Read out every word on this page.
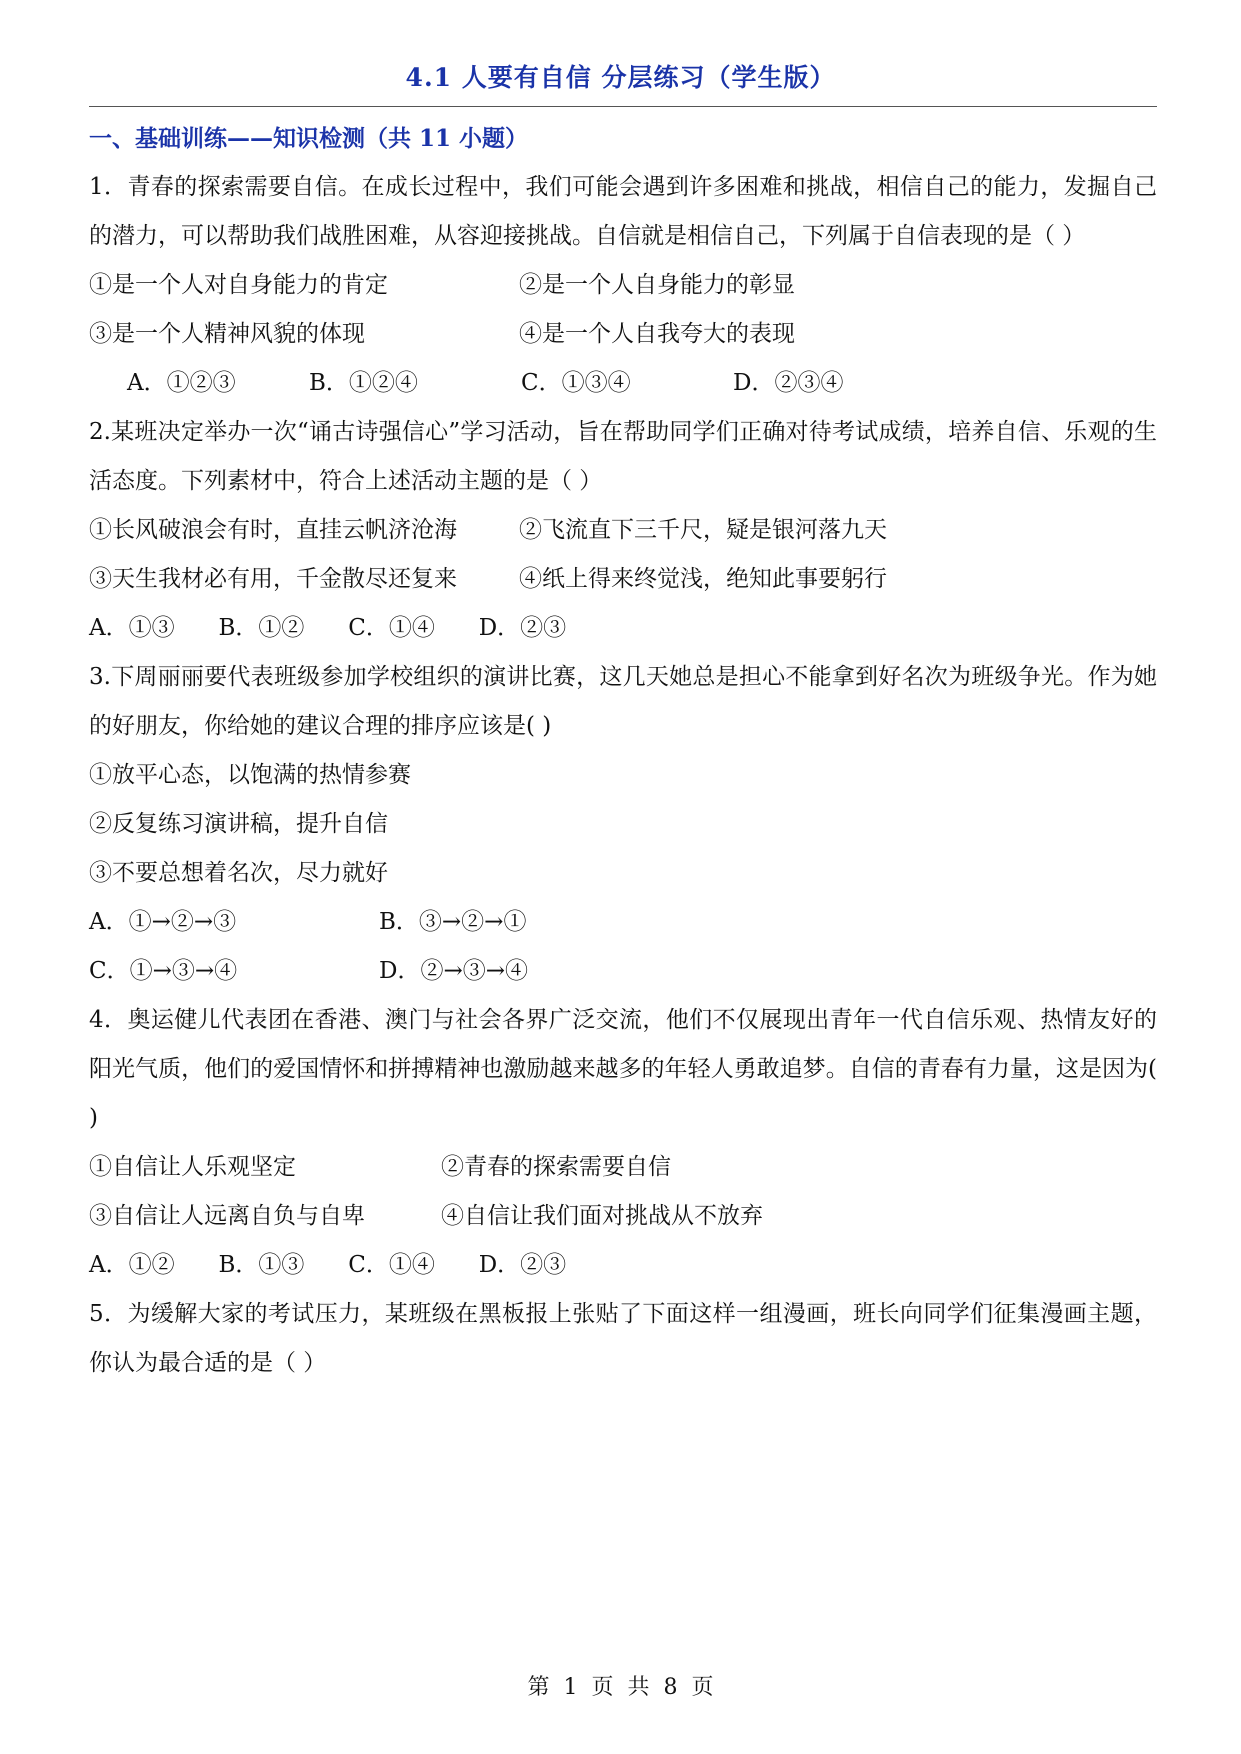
4.1 人要有自信 分层练习（学生版）
一、基础训练——知识检测（共 11 小题）
1．青春的探索需要自信。在成长过程中，我们可能会遇到许多困难和挑战，相信自己的能力，发掘自己的潜力，可以帮助我们战胜困难，从容迎接挑战。自信就是相信自己，下列属于自信表现的是（ ）
①是一个人对自身能力的肯定	②是一个人自身能力的彰显
③是一个人精神风貌的体现	④是一个人自我夸大的表现
A．①②③	B．①②④	C．①③④	D．②③④
2.某班决定举办一次“诵古诗强信心”学习活动，旨在帮助同学们正确对待考试成绩，培养自信、乐观的生活态度。下列素材中，符合上述活动主题的是（ ）
①长风破浪会有时，直挂云帆济沧海	②飞流直下三千尺，疑是银河落九天
③天生我材必有用，千金散尽还复来	④纸上得来终觉浅，绝知此事要躬行
A．①③      B．①②      C．①④      D．②③
3.下周丽丽要代表班级参加学校组织的演讲比赛，这几天她总是担心不能拿到好名次为班级争光。作为她的好朋友，你给她的建议合理的排序应该是( )
①放平心态，以饱满的热情参赛
②反复练习演讲稿，提升自信
③不要总想着名次，尽力就好
A．①→②→③	B．③→②→①
C．①→③→④	D．②→③→④
4．奥运健儿代表团在香港、澳门与社会各界广泛交流，他们不仅展现出青年一代自信乐观、热情友好的阳光气质，他们的爱国情怀和拼搏精神也激励越来越多的年轻人勇敢追梦。自信的青春有力量，这是因为( )
①自信让人乐观坚定	②青春的探索需要自信
③自信让人远离自负与自卑	④自信让我们面对挑战从不放弃
A．①②      B．①③      C．①④      D．②③
5．为缓解大家的考试压力，某班级在黑板报上张贴了下面这样一组漫画，班长向同学们征集漫画主题，你认为最合适的是（ ）
第  1  页  共  8  页
